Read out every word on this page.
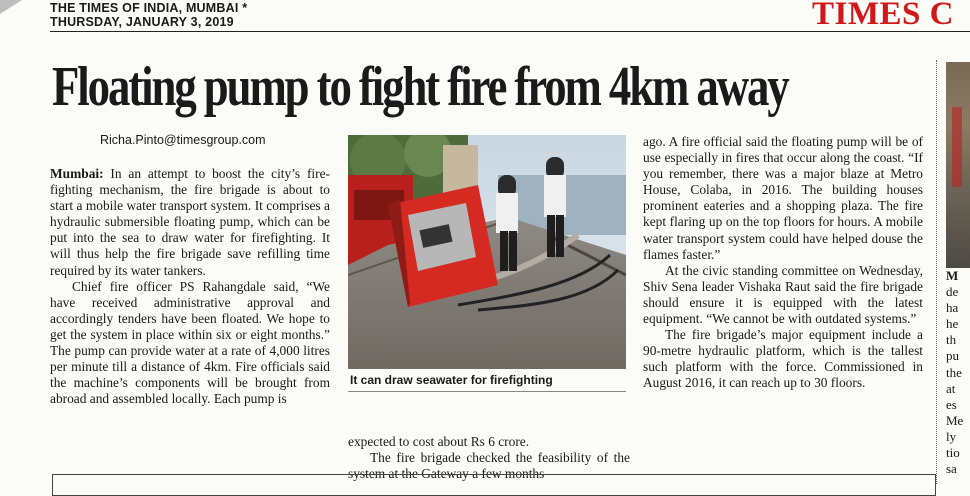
THE TIMES OF INDIA, MUMBAI *
THURSDAY, JANUARY 3, 2019	TIMES C
Floating pump to fight fire from 4km away
Richa.Pinto@timesgroup.com

Mumbai: In an attempt to boost the city’s fire-fighting mechanism, the fire brigade is about to start a mobile water transport system. It comprises a hydraulic submersible floating pump, which can be put into the sea to draw water for firefighting. It will thus help the fire brigade save refilling time required by its water tankers.

Chief fire officer PS Rahangdale said, “We have received administrative approval and accordingly tenders have been floated. We hope to get the system in place within six or eight months.” The pump can provide water at a rate of 4,000 litres per minute till a distance of 4km. Fire officials said the machine’s components will be brought from abroad and assembled locally. Each pump is

It can draw seawater for firefighting

expected to cost about Rs 6 crore.

The fire brigade checked the feasibility of the system at the Gateway a few months

ago. A fire official said the floating pump will be of use especially in fires that occur along the coast. “If you remember, there was a major blaze at Metro House, Colaba, in 2016. The building houses prominent eateries and a shopping plaza. The fire kept flaring up on the top floors for hours. A mobile water transport system could have helped douse the flames faster.”

At the civic standing committee on Wednesday, Shiv Sena leader Vishaka Raut said the fire brigade should ensure it is equipped with the latest equipment. “We cannot be with outdated systems.”

The fire brigade’s major equipment include a 90-metre hydraulic platform, which is the tallest such platform with the force. Commissioned in August 2016, it can reach up to 30 floors.

M
de
ha
he
th
pu
the
at
es
Me
ly
tio
sa
